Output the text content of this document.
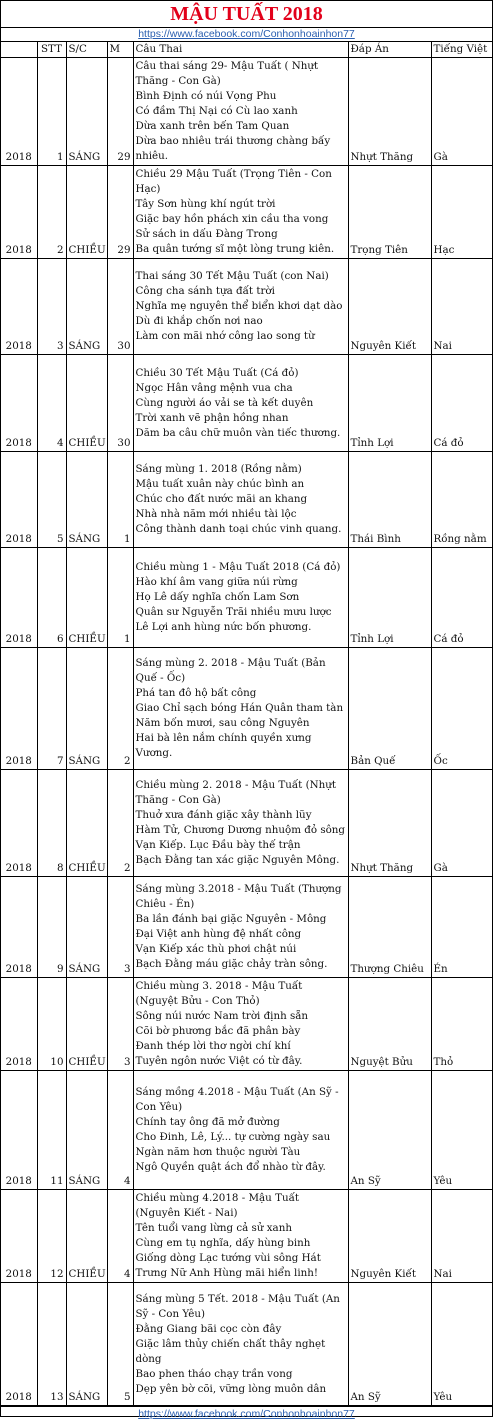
MẬU TUẤT 2018
https://www.facebook.com/Conhonhoainhon77
	STT	S/C	M	Câu Thai	Đáp Án	Tiếng Việt
2018	1	SÁNG	29	Câu thai sáng 29- Mậu Tuất ( Nhựt Thăng - Con Gà)
Bình Định có núi Vọng Phu
Có đầm Thị Nại có Cù lao xanh
Dừa xanh trên bến Tam Quan
Dừa bao nhiêu trái thương chàng bấy nhiêu.	Nhựt Thăng	Gà
2018	2	CHIỀU	29	Chiều 29 Mậu Tuất (Trọng Tiên - Con Hạc)
Tây Sơn hùng khí ngút trời
Giặc bay hồn phách xin cầu tha vong
Sử sách in dấu Đàng Trong
Ba quân tướng sĩ một lòng trung kiên.	Trọng Tiên	Hạc
2018	3	SÁNG	30	Thai sáng 30 Tết Mậu Tuất (con Nai)
Công cha sánh tựa đất trời
Nghĩa mẹ nguyên thể biển khơi dạt dào
Dù đi khắp chốn nơi nao
Làm con mãi nhớ công lao song từ	Nguyên Kiết	Nai
2018	4	CHIỀU	30	Chiều 30 Tết Mậu Tuất (Cá đỏ)
Ngọc Hân vâng mệnh vua cha
Cùng người áo vải se tà kết duyên
Trời xanh vẽ phận hồng nhan
Dăm ba câu chữ muôn vàn tiếc thương.	Tỉnh Lợi	Cá đỏ
2018	5	SÁNG	1	Sáng mùng 1. 2018 (Rồng nằm)
Mậu tuất xuân này chúc bình an
Chúc cho đất nước mãi an khang
Nhà nhà năm mới nhiều tài lộc
Công thành danh toại chúc vinh quang.	Thái Bình	Rồng nằm
2018	6	CHIỀU	1	Chiều mùng 1 - Mậu Tuất 2018 (Cá đỏ)
Hào khí âm vang giữa núi rừng
Họ Lê dấy nghĩa chốn Lam Sơn
Quân sư Nguyễn Trãi nhiều mưu lược
Lê Lợi anh hùng nức bốn phương.	Tỉnh Lợi	Cá đỏ
2018	7	SÁNG	2	Sáng mùng 2. 2018 - Mậu Tuất (Bản Quế - Ốc)
Phá tan đô hộ bất công
Giao Chỉ sạch bóng Hán Quân tham tàn
Năm bốn mươi, sau công Nguyên
Hai bà lên nắm chính quyền xưng Vương.	Bản Quế	Ốc
2018	8	CHIỀU	2	Chiều mùng 2. 2018 - Mậu Tuất (Nhựt Thăng - Con Gà)
Thuở xưa đánh giặc xây thành lũy
Hàm Tử, Chương Dương nhuộm đỏ sông
Vạn Kiếp. Lục Đầu bày thế trận
Bạch Đằng tan xác giặc Nguyên Mông.	Nhựt Thăng	Gà
2018	9	SÁNG	3	Sáng mùng 3.2018 - Mậu Tuất (Thượng Chiêu - Én)
Ba lần đánh bại giặc Nguyên - Mông
Đại Việt anh hùng đệ nhất công
Vạn Kiếp xác thù phơi chật núi
Bạch Đằng máu giặc chảy tràn sông.	Thượng Chiêu	Én
2018	10	CHIỀU	3	Chiều mùng 3. 2018 - Mậu Tuất (Nguyệt Bửu - Con Thỏ)
Sông núi nước Nam trời định sẵn
Cõi bờ phương bắc đã phân bày
Đanh thép lời thơ ngời chí khí
Tuyên ngôn nước Việt có từ đây.	Nguyệt Bửu	Thỏ
2018	11	SÁNG	4	Sáng mồng 4.2018 - Mậu Tuất (An Sỹ - Con Yêu)
Chính tay ông đã mở đường
Cho Đinh, Lê, Lý... tự cường ngày sau
Ngàn năm hơn thuộc người Tàu
Ngô Quyền quật ách đổ nhào từ đây.	An Sỹ	Yêu
2018	12	CHIỀU	4	Chiều mùng 4.2018 - Mậu Tuất (Nguyên Kiết - Nai)
Tên tuổi vang lừng cả sử xanh
Cùng em tụ nghĩa, dấy hùng binh
Giống dòng Lạc tướng vùi sông Hát
Trưng Nữ Anh Hùng mãi hiển linh!	Nguyên Kiết	Nai
2018	13	SÁNG	5	Sáng mùng 5 Tết. 2018 - Mậu Tuất (An Sỹ - Con Yêu)
Đằng Giang bãi cọc còn đây
Giặc lâm thủy chiến chất thây nghẹt dòng
Bao phen tháo chạy trần vong
Dẹp yên bờ cõi, vững lòng muôn dân	An Sỹ	Yêu
https://www.facebook.com/Conhonhoainhon77
